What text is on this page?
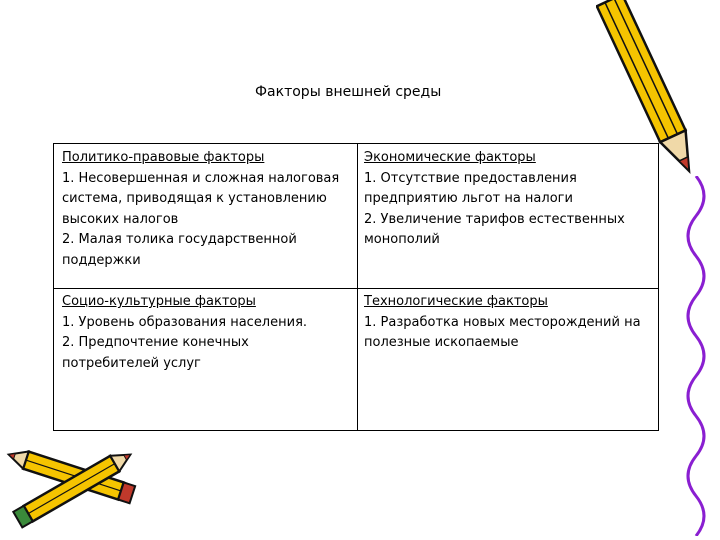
Факторы внешней среды
Политико-правовые факторы
1. Несовершенная и сложная налоговая система, приводящая к установлению высоких налогов
2. Малая толика государственной поддержки
Экономические факторы
1. Отсутствие предоставления предприятию льгот на налоги
2. Увеличение тарифов естественных монополий
Социо-культурные факторы
1. Уровень образования населения.
2. Предпочтение конечных потребителей услуг
Технологические факторы
1. Разработка новых месторождений на полезные ископаемые
